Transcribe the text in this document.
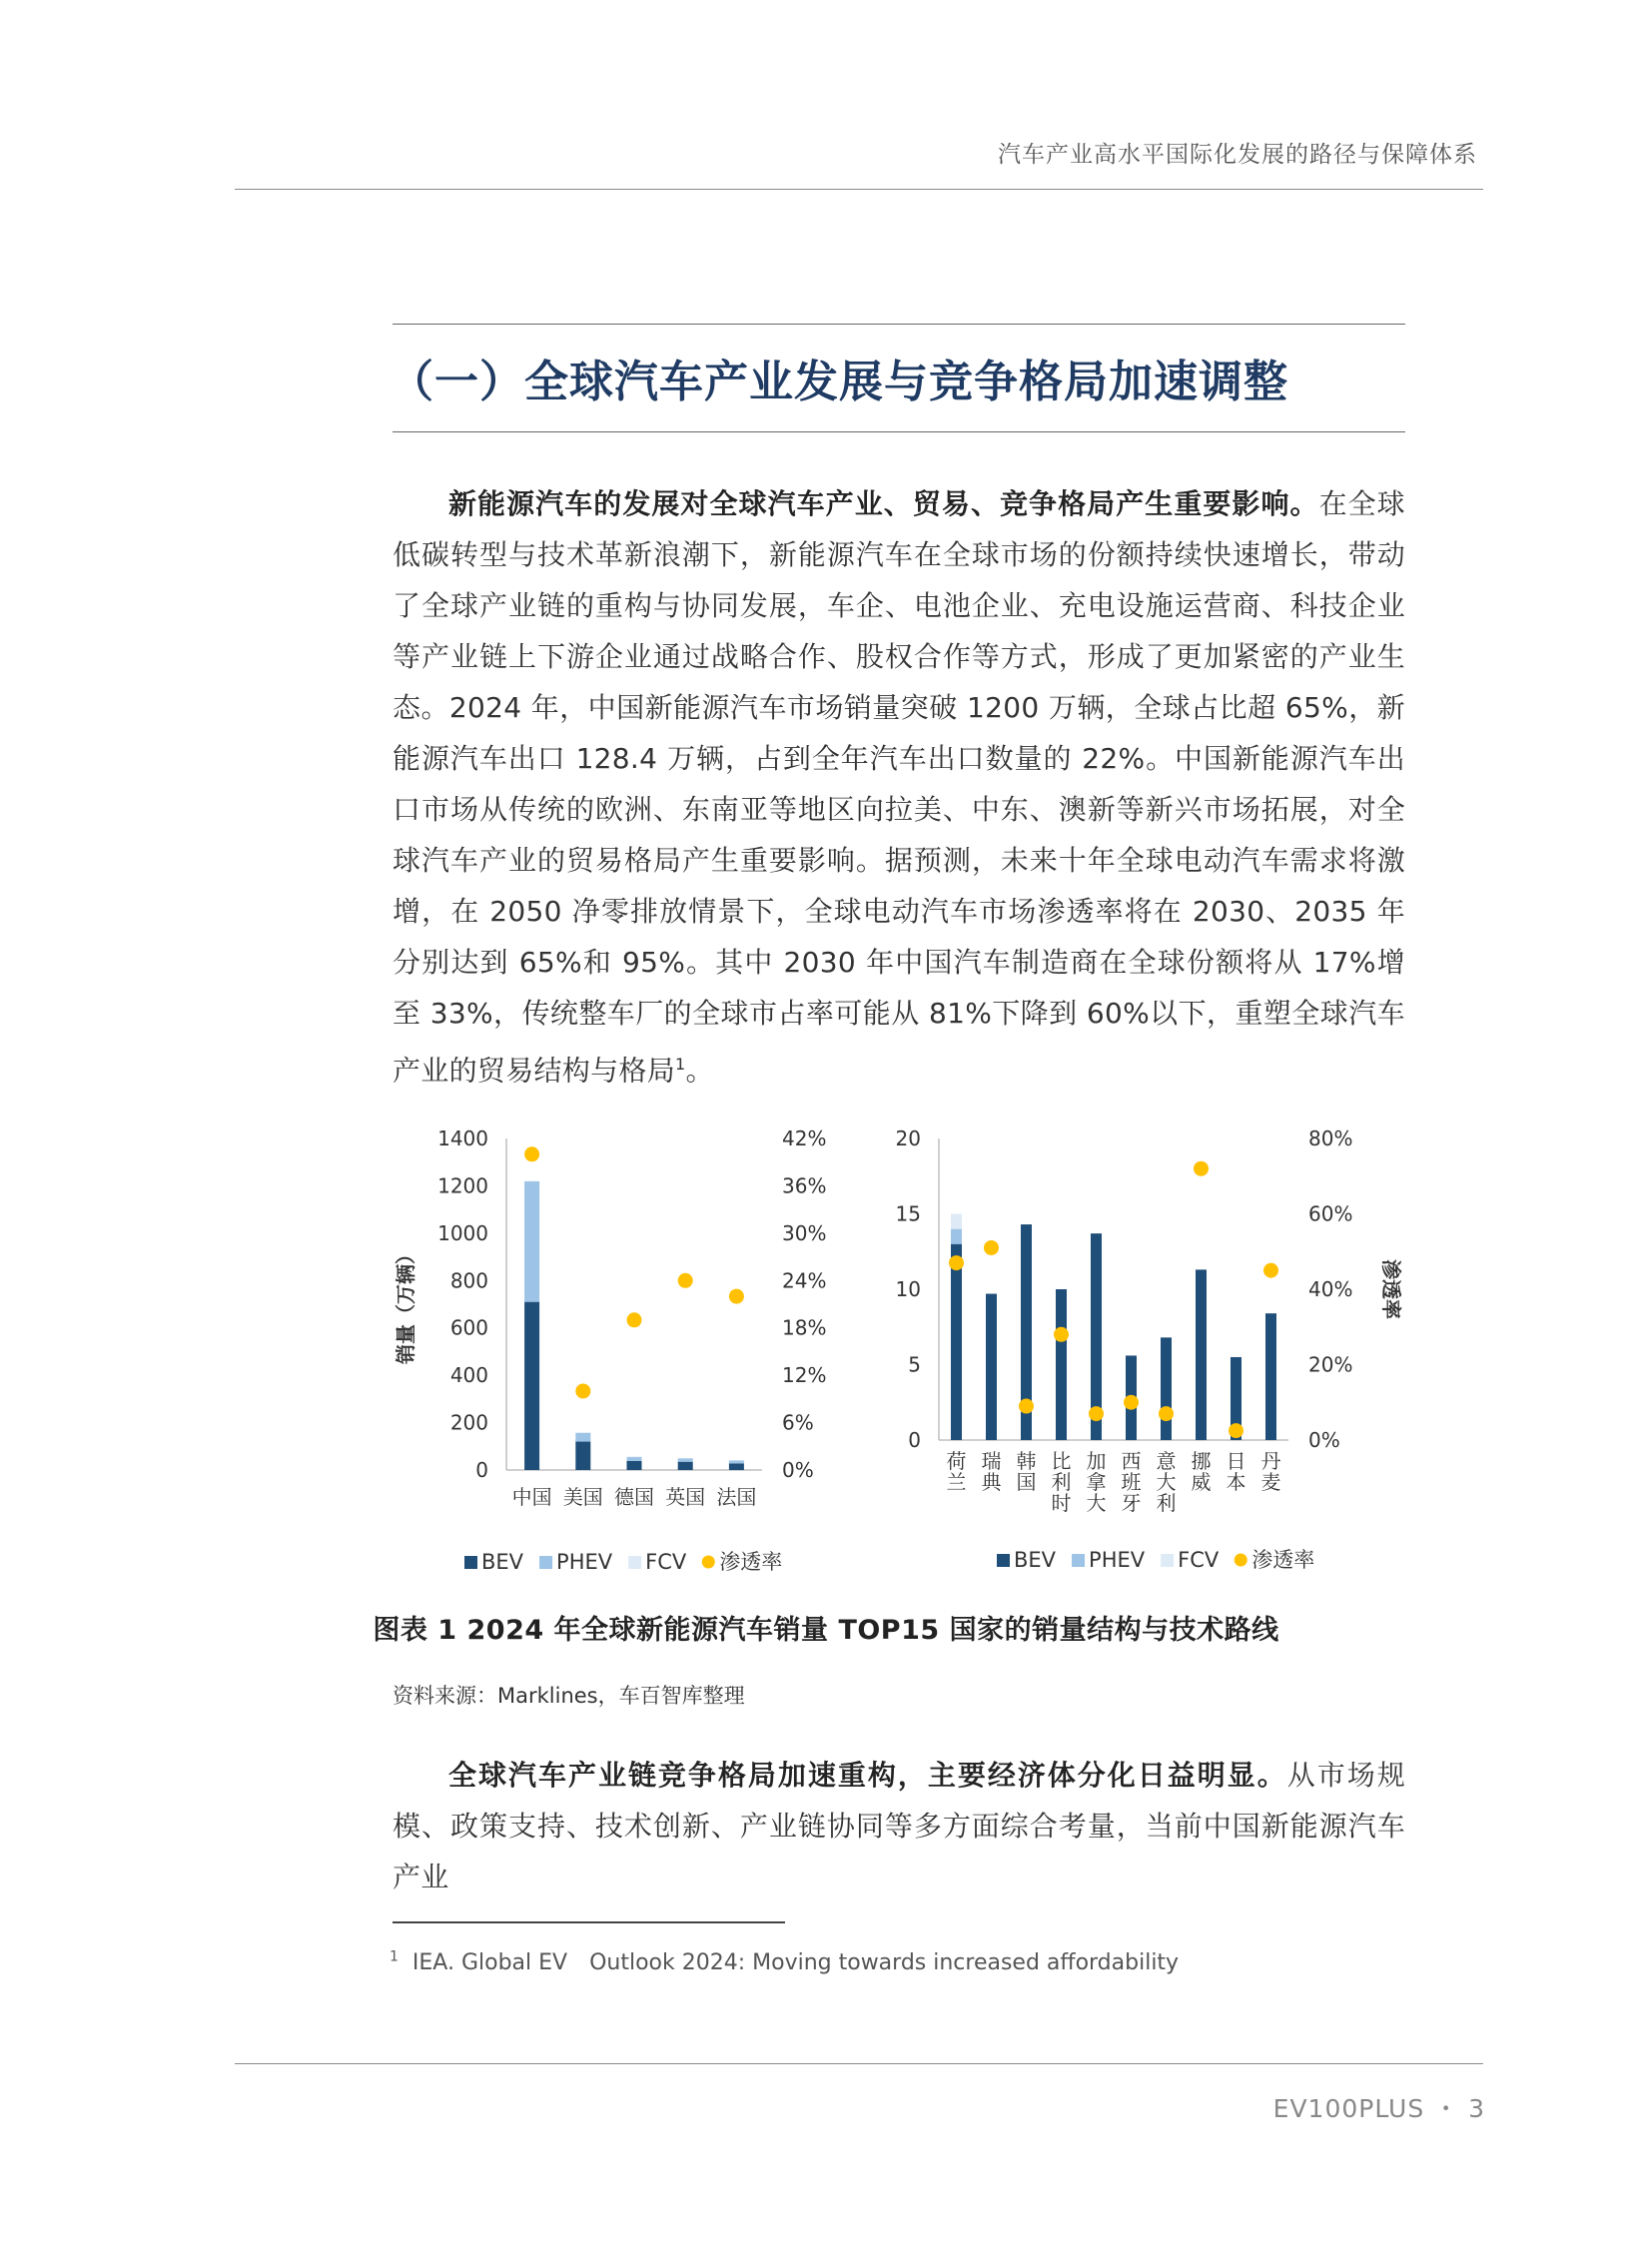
汽车产业高水平国际化发展的路径与保障体系
（一）全球汽车产业发展与竞争格局加速调整

新能源汽车的发展对全球汽车产业、贸易、竞争格局产生重要影响。在全球低碳转型与技术革新浪潮下，新能源汽车在全球市场的份额持续快速增长，带动了全球产业链的重构与协同发展，车企、电池企业、充电设施运营商、科技企业等产业链上下游企业通过战略合作、股权合作等方式，形成了更加紧密的产业生态。2024 年，中国新能源汽车市场销量突破 1200 万辆，全球占比超 65%，新能源汽车出口 128.4 万辆，占到全年汽车出口数量的 22%。中国新能源汽车出口市场从传统的欧洲、东南亚等地区向拉美、中东、澳新等新兴市场拓展，对全球汽车产业的贸易格局产生重要影响。据预测，未来十年全球电动汽车需求将激增，在 2050 净零排放情景下，全球电动汽车市场渗透率将在 2030、2035 年分别达到 65%和 95%。其中 2030 年中国汽车制造商在全球份额将从 17%增至 33%，传统整车厂的全球市占率可能从 81%下降到 60%以下，重塑全球汽车产业的贸易结构与格局$^1$。

0
200
400
600
800
1000
1200
1400
0%
6%
12%
18%
24%
30%
36%
42%
销量（万辆）
中国 美国 德国 英国 法国
BEV PHEV FCV 渗透率
0
5
10
15
20
0%
20%
40%
60%
80%
渗透率
荷兰
瑞典
韩国
比利时
加拿大
西班牙
意大利
挪威
日本
丹麦
BEV PHEV FCV 渗透率

图表 1 2024 年全球新能源汽车销量 TOP15 国家的销量结构与技术路线

资料来源：Marklines，车百智库整理

全球汽车产业链竞争格局加速重构，主要经济体分化日益明显。从市场规模、政策支持、技术创新、产业链协同等多方面综合考量，当前中国新能源汽车产业

$^1$ IEA. Global EV　Outlook 2024: Moving towards increased affordability
EV100PLUS ・ 3
